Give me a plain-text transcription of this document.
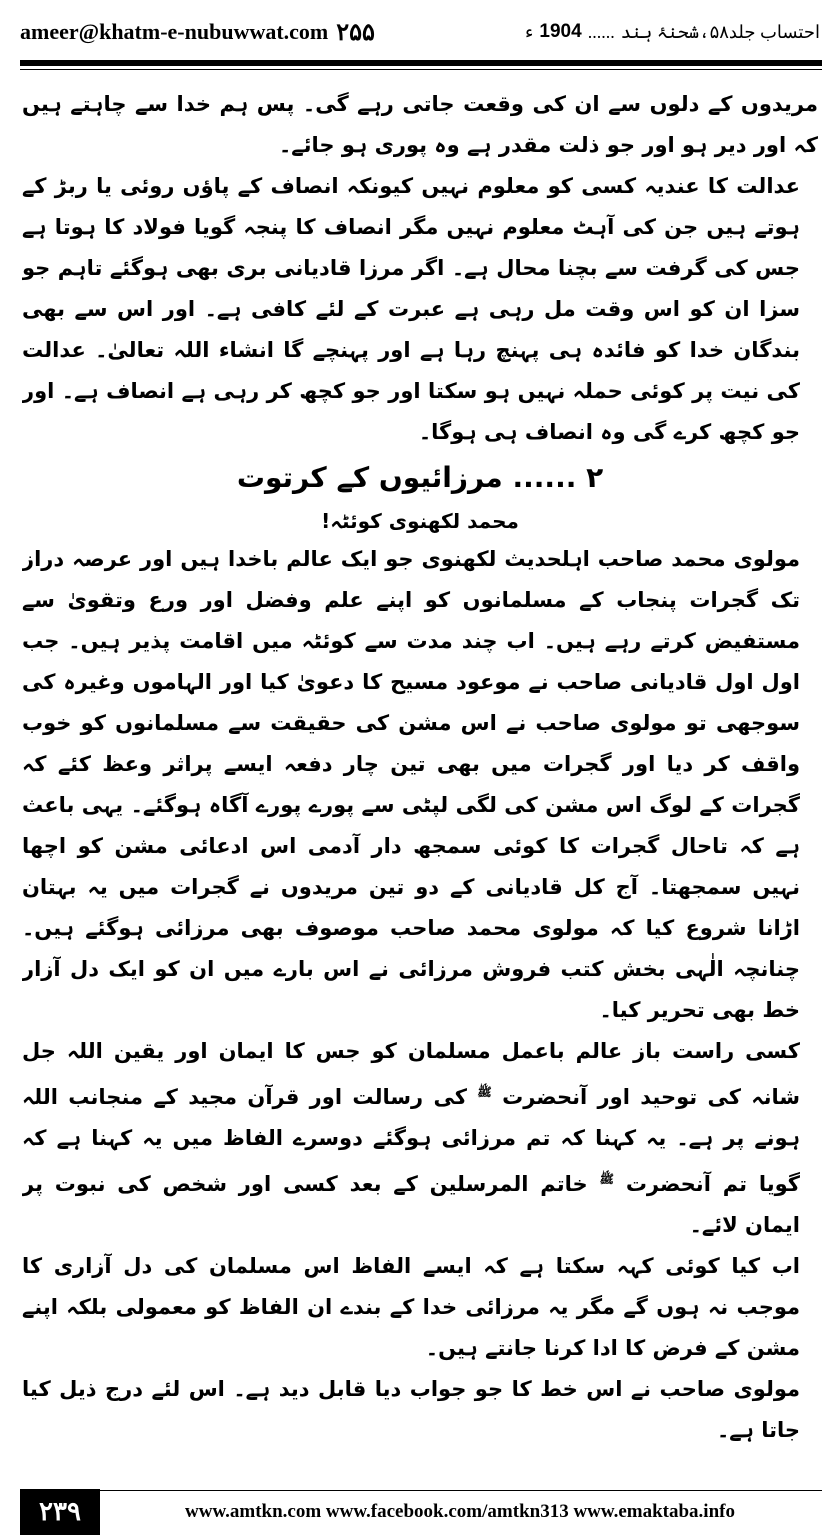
ameer@khatm-e-nubuwwat.com ۲۵۵	احتساب جلد۵۸،شحنۂ ہند
......
1904
ء

مریدوں کے دلوں سے ان کی وقعت جاتی رہے گی۔ پس ہم خدا سے چاہتے ہیں کہ اور دیر ہو اور جو ذلت مقدر ہے وہ پوری ہو جائے۔

عدالت کا عندیہ کسی کو معلوم نہیں کیونکہ انصاف کے پاؤں روئی یا ربڑ کے ہوتے ہیں جن کی آہٹ معلوم نہیں مگر انصاف کا پنجہ گویا فولاد کا ہوتا ہے جس کی گرفت سے بچنا محال ہے۔ اگر مرزا قادیانی بری بھی ہوگئے تاہم جو سزا ان کو اس وقت مل رہی ہے عبرت کے لئے کافی ہے۔ اور اس سے بھی بندگان خدا کو فائدہ ہی پہنچ رہا ہے اور پہنچے گا انشاء اللہ تعالیٰ۔ عدالت کی نیت پر کوئی حملہ نہیں ہو سکتا اور جو کچھ کر رہی ہے انصاف ہے۔ اور جو کچھ کرے گی وہ انصاف ہی ہوگا۔

۲ ...... مرزائیوں کے کرتوت

محمد لکھنوی کوئٹہ!

مولوی محمد صاحب اہلحدیث لکھنوی جو ایک عالم باخدا ہیں اور عرصہ دراز تک گجرات پنجاب کے مسلمانوں کو اپنے علم وفضل اور ورع وتقویٰ سے مستفیض کرتے رہے ہیں۔ اب چند مدت سے کوئٹہ میں اقامت پذیر ہیں۔ جب اول اول قادیانی صاحب نے موعود مسیح کا دعویٰ کیا اور الہاموں وغیرہ کی سوجھی تو مولوی صاحب نے اس مشن کی حقیقت سے مسلمانوں کو خوب واقف کر دیا اور گجرات میں بھی تین چار دفعہ ایسے پراثر وعظ کئے کہ گجرات کے لوگ اس مشن کی لگی لپٹی سے پورے پورے آگاہ ہوگئے۔ یہی باعث ہے کہ تاحال گجرات کا کوئی سمجھ دار آدمی اس ادعائی مشن کو اچھا نہیں سمجھتا۔ آج کل قادیانی کے دو تین مریدوں نے گجرات میں یہ بہتان اڑانا شروع کیا کہ مولوی محمد صاحب موصوف بھی مرزائی ہوگئے ہیں۔ چنانچہ الٰہی بخش کتب فروش مرزائی نے اس بارے میں ان کو ایک دل آزار خط بھی تحریر کیا۔

کسی راست باز عالم باعمل مسلمان کو جس کا ایمان اور یقین اللہ جل شانہ کی توحید اور آنحضرت $^ﷺ$ کی رسالت اور قرآن مجید کے منجانب اللہ ہونے پر ہے۔ یہ کہنا کہ تم مرزائی ہوگئے دوسرے الفاظ میں یہ کہنا ہے کہ گویا تم آنحضرت $^ﷺ$ خاتم المرسلین کے بعد کسی اور شخص کی نبوت پر ایمان لائے۔

اب کیا کوئی کہہ سکتا ہے کہ ایسے الفاظ اس مسلمان کی دل آزاری کا موجب نہ ہوں گے مگر یہ مرزائی خدا کے بندے ان الفاظ کو معمولی بلکہ اپنے مشن کے فرض کا ادا کرنا جانتے ہیں۔

مولوی صاحب نے اس خط کا جو جواب دیا قابل دید ہے۔ اس لئے درج ذیل کیا جاتا ہے۔

۲۳۹	www.amtkn.com www.facebook.com/amtkn313 www.emaktaba.info
